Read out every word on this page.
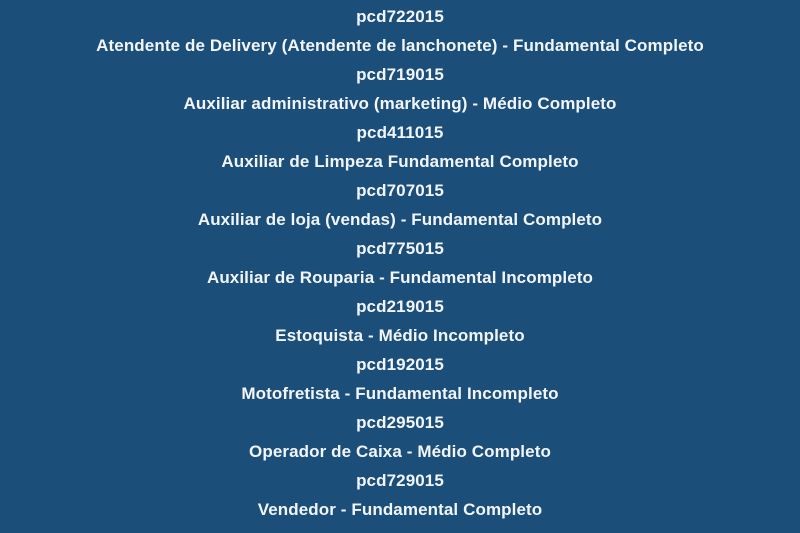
pcd722015
Atendente de Delivery (Atendente de lanchonete) - Fundamental Completo
pcd719015
Auxiliar administrativo (marketing) - Médio Completo
pcd411015
Auxiliar de Limpeza Fundamental Completo
pcd707015
Auxiliar de loja (vendas) - Fundamental Completo
pcd775015
Auxiliar de Rouparia - Fundamental Incompleto
pcd219015
Estoquista - Médio Incompleto
pcd192015
Motofretista - Fundamental Incompleto
pcd295015
Operador de Caixa - Médio Completo
pcd729015
Vendedor - Fundamental Completo
